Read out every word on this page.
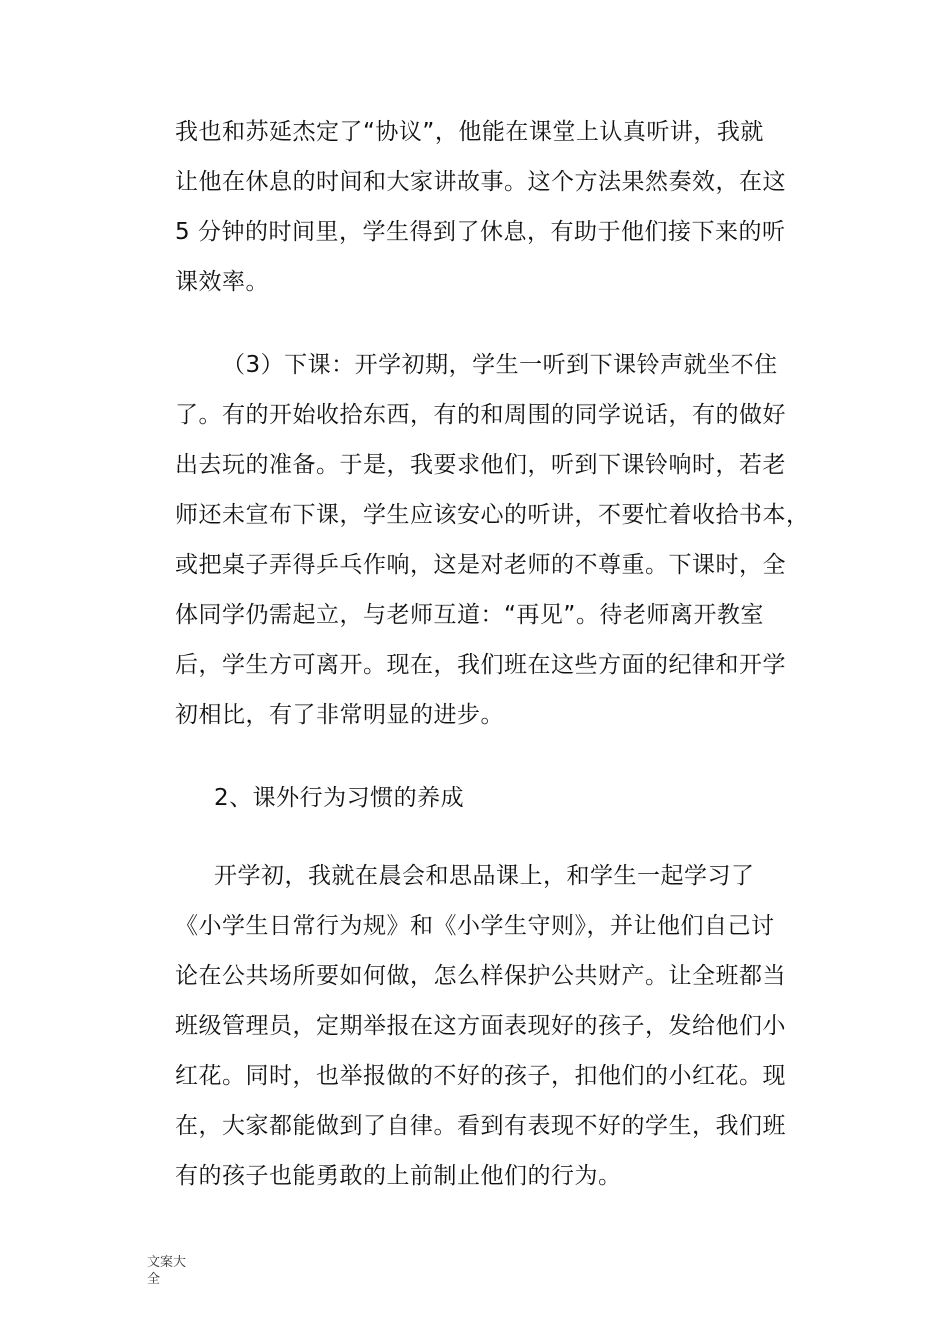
我也和苏延杰定了“协议”，他能在课堂上认真听讲，我就
让他在休息的时间和大家讲故事。这个方法果然奏效，在这
5 分钟的时间里，学生得到了休息，有助于他们接下来的听
课效率。
（3）下课：开学初期，学生一听到下课铃声就坐不住
了。有的开始收拾东西，有的和周围的同学说话，有的做好
出去玩的准备。于是，我要求他们，听到下课铃响时，若老
师还未宣布下课，学生应该安心的听讲，不要忙着收拾书本，
或把桌子弄得乒乓作响，这是对老师的不尊重。下课时，全
体同学仍需起立，与老师互道：“再见”。待老师离开教室
后，学生方可离开。现在，我们班在这些方面的纪律和开学
初相比，有了非常明显的进步。
2、课外行为习惯的养成
开学初，我就在晨会和思品课上，和学生一起学习了
《小学生日常行为规》和《小学生守则》，并让他们自己讨
论在公共场所要如何做，怎么样保护公共财产。让全班都当
班级管理员，定期举报在这方面表现好的孩子，发给他们小
红花。同时，也举报做的不好的孩子，扣他们的小红花。现
在，大家都能做到了自律。看到有表现不好的学生，我们班
有的孩子也能勇敢的上前制止他们的行为。
文案大全
